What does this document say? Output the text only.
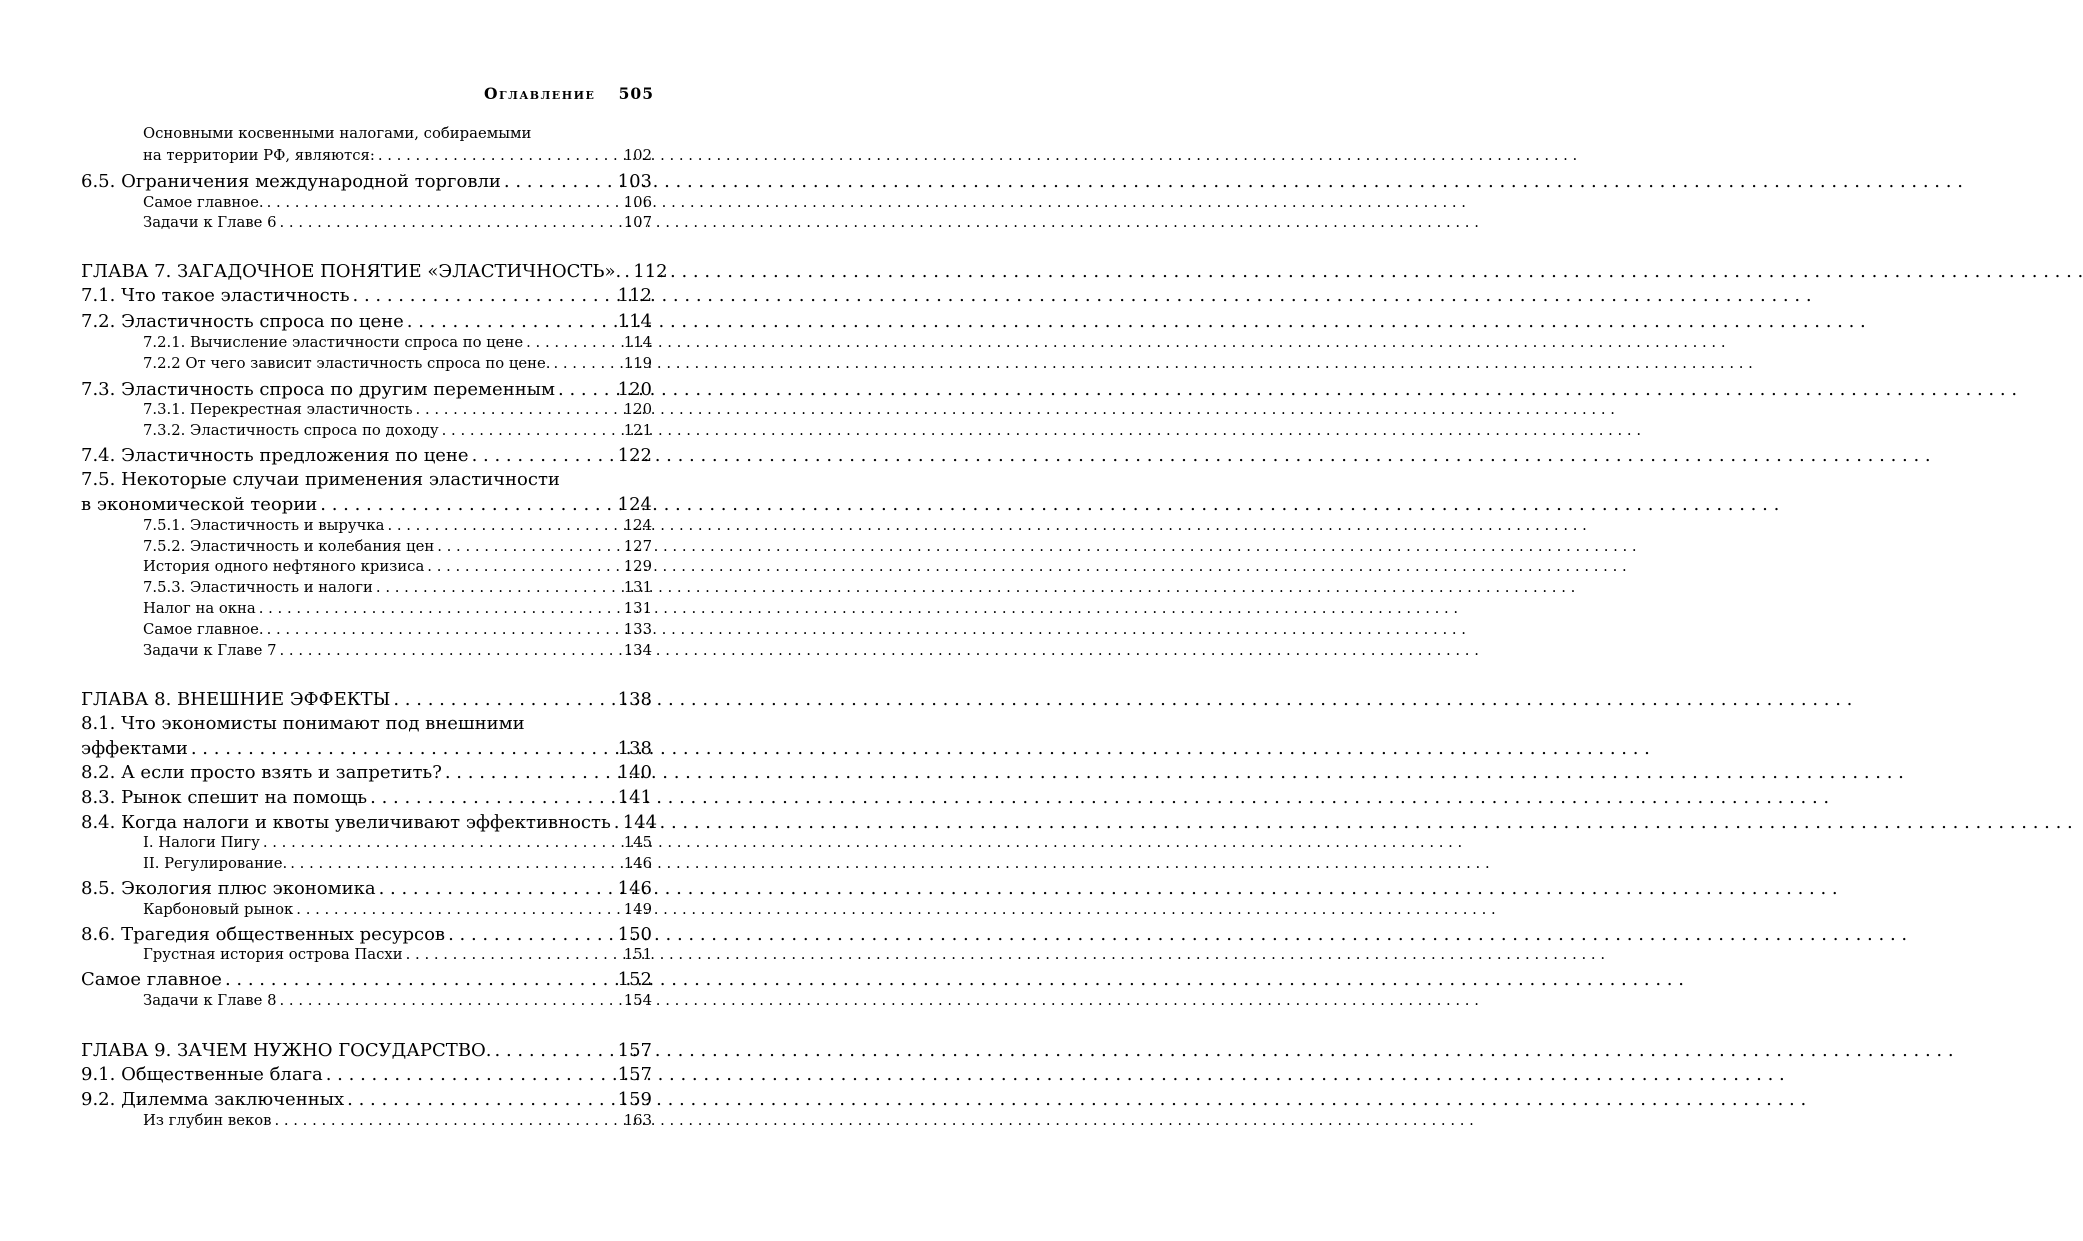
Оглавление 505
Основными косвенными налогами, собираемыми
на территории РФ, являются: . . .	102
6.5. Ограничения международной торговли . . .	103
Самое главное. . . .	106
Задачи к Главе 6 . . .	107
ГЛАВА 7. ЗАГАДОЧНОЕ ПОНЯТИЕ «ЭЛАСТИЧНОСТЬ». . . . 112
7.1. Что такое эластичность . . .	112
7.2. Эластичность спроса по цене . . .	114
7.2.1. Вычисление эластичности спроса по цене . . .	114
7.2.2 От чего зависит эластичность спроса по цене. . . .	119
7.3. Эластичность спроса по другим переменным . . .	120
7.3.1. Перекрестная эластичность . . .	120
7.3.2. Эластичность спроса по доходу . . .	121
7.4. Эластичность предложения по цене . . .	122
7.5. Некоторые случаи применения эластичности
в экономической теории . . .	124
7.5.1. Эластичность и выручка . . .	124
7.5.2. Эластичность и колебания цен . . .	127
История одного нефтяного кризиса . . .	129
7.5.3. Эластичность и налоги . . .	131
Налог на окна . . .	131
Самое главное. . . .	133
Задачи к Главе 7 . . .	134
ГЛАВА 8. ВНЕШНИЕ ЭФФЕКТЫ . . .	138
8.1. Что экономисты понимают под внешними
эффектами . . .	138
8.2. А если просто взять и запретить? . . .	140
8.3. Рынок спешит на помощь . . .	141
8.4. Когда налоги и квоты увеличивают эффективность . . . 144
I. Налоги Пигу . . .	145
II. Регулирование. . . .	146
8.5. Экология плюс экономика . . .	146
Карбоновый рынок . . .	149
8.6. Трагедия общественных ресурсов . . .	150
Грустная история острова Пасхи . . .	151
Самое главное . . .	152
Задачи к Главе 8 . . .	154
ГЛАВА 9. ЗАЧЕМ НУЖНО ГОСУДАРСТВО. . . .	157
9.1. Общественные блага . . .	157
9.2. Дилемма заключенных . . .	159
Из глубин веков . . .	163
